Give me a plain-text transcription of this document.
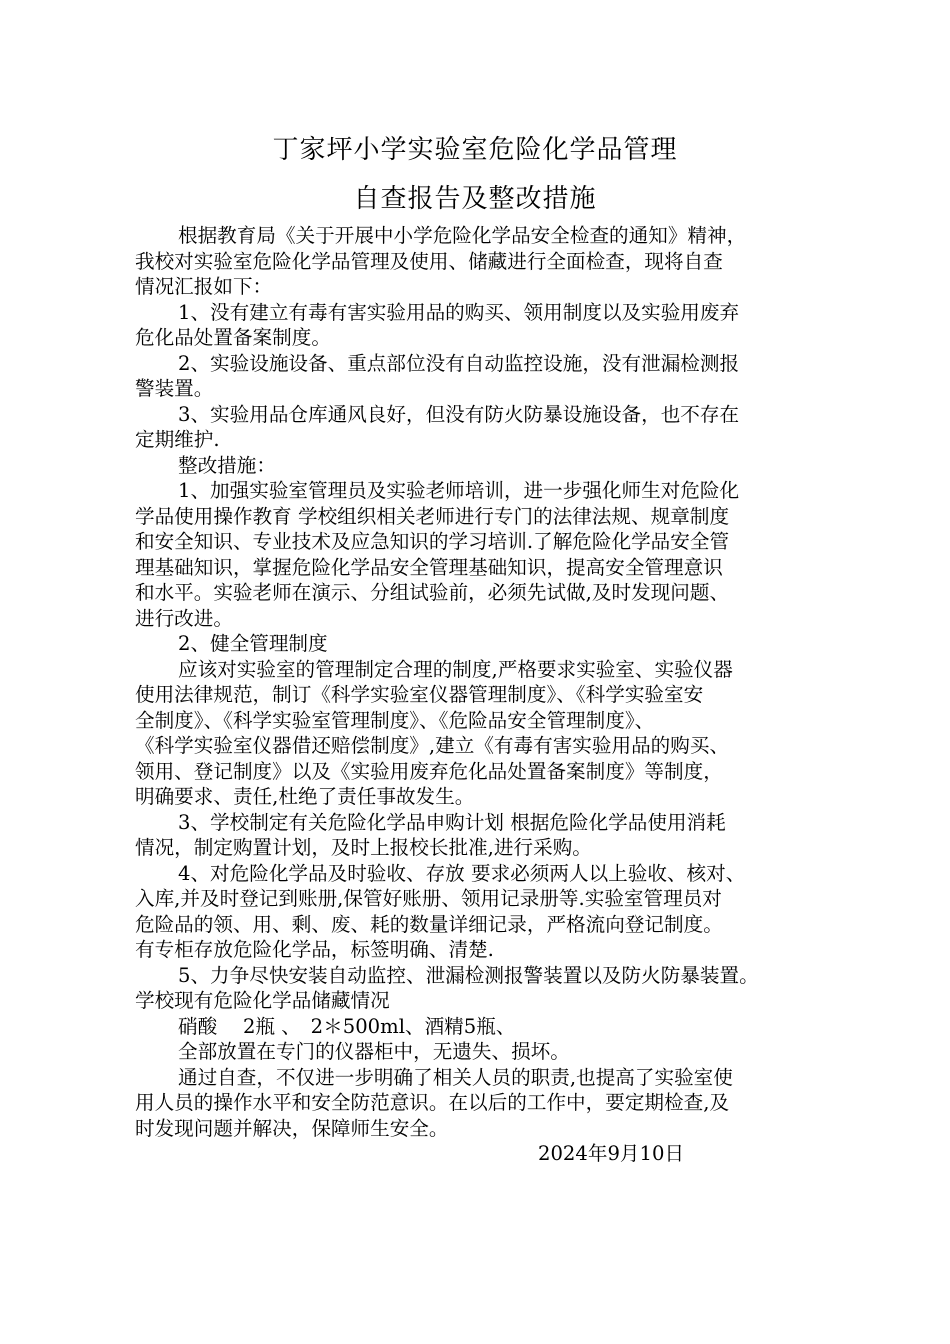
丁家坪小学实验室危险化学品管理
自查报告及整改措施
根据教育局《关于开展中小学危险化学品安全检查的通知》精神，
我校对实验室危险化学品管理及使用、储藏进行全面检查，现将自查
情况汇报如下：
1、没有建立有毒有害实验用品的购买、领用制度以及实验用废弃
危化品处置备案制度。
2、实验设施设备、重点部位没有自动监控设施，没有泄漏检测报
警装置。
3、实验用品仓库通风良好，但没有防火防暴设施设备，也不存在
定期维护.
整改措施：
1、加强实验室管理员及实验老师培训，进一步强化师生对危险化
学品使用操作教育 学校组织相关老师进行专门的法律法规、规章制度
和安全知识、专业技术及应急知识的学习培训.了解危险化学品安全管
理基础知识，掌握危险化学品安全管理基础知识，提高安全管理意识
和水平。实验老师在演示、分组试验前，必须先试做,及时发现问题、
进行改进。
2、健全管理制度
应该对实验室的管理制定合理的制度,严格要求实验室、实验仪器
使用法律规范，制订《科学实验室仪器管理制度》、《科学实验室安
全制度》、《科学实验室管理制度》、《危险品安全管理制度》、
《科学实验室仪器借还赔偿制度》,建立《有毒有害实验用品的购买、
领用、登记制度》以及《实验用废弃危化品处置备案制度》等制度，
明确要求、责任,杜绝了责任事故发生。
3、学校制定有关危险化学品申购计划 根据危险化学品使用消耗
情况，制定购置计划，及时上报校长批准,进行采购。
4、对危险化学品及时验收、存放 要求必须两人以上验收、核对、
入库,并及时登记到账册,保管好账册、领用记录册等.实验室管理员对
危险品的领、用、剩、废、耗的数量详细记录，严格流向登记制度。
有专柜存放危险化学品，标签明确、清楚.
5、力争尽快安装自动监控、泄漏检测报警装置以及防火防暴装置。
学校现有危险化学品储藏情况
硝酸　 2瓶 、　2＊500ml、酒精5瓶、
全部放置在专门的仪器柜中，无遗失、损坏。
通过自查，不仅进一步明确了相关人员的职责,也提高了实验室使
用人员的操作水平和安全防范意识。在以后的工作中，要定期检查,及
时发现问题并解决，保障师生安全。
2024年9月10日
